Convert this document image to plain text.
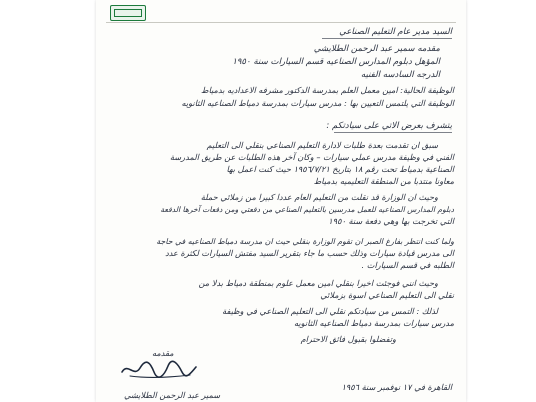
السيد مدير عام التعليم الصناعي
مقدمه سمير عبد الرحمن الطلايشي
المؤهل دبلوم المدارس الصناعيه قسم السيارات سنة ١٩٥٠
الدرجه السادسه الفنيه
الوظيفة الحالية: امين معمل العلم بمدرسة الدكتور مشرفه الاعداديه بدمياط
الوظيفة التي يلتمس التعيين بها : مدرس سيارات بمدرسة دمياط الصناعيه الثانويه
يتشرف بعرض الاتي على سيادتكم :
سبق ان تقدمت بعدة طلبات لادارة التعليم الصناعي بنقلي الى التعليم
الفني في وظيفة مدرس عملي سيارات – وكان آخر هذه الطلبات عن طريق المدرسة
الصناعية بدمياط تحت رقم ١٨ بتاريخ ١٩٥٦/٧/٢١ حيث كنت اعمل بها
معاونا منتدبا من المنطقة التعليميه بدمياط
وحيث ان الوزارة قد نقلت من التعليم العام عددا كبيرا من زملائي حملة
دبلوم المدارس الصناعيه للعمل مدرسين بالتعليم الصناعي من دفعتي ومن دفعات آخرها الدفعة
التي تخرجت بها وهي دفعة سنة ١٩٥٠
ولما كنت انتظر بفارغ الصبر ان تقوم الوزارة بنقلي حيث ان مدرسة دمياط الصناعيه في حاجة
الى مدرس قيادة سيارات وذلك حسب ما جاء بتقرير السيد مفتش السيارات لكثرة عدد
الطلبه في قسم السيارات .
وحيث انني فوجئت اخيرا بنقلي امين معمل علوم بمنطقة دمياط بدلا من
نقلي الى التعليم الصناعي اسوة بزملائي
لذلك : التمس من سيادتكم نقلي الى التعليم الصناعي في وظيفة
مدرس سيارات بمدرسة دمياط الصناعيه الثانويه
وتفضلوا بقبول فائق الاحترام
مقدمه
القاهرة في ١٧ نوفمبر سنة ١٩٥٦
سمير عبد الرحمن الطلايشي
